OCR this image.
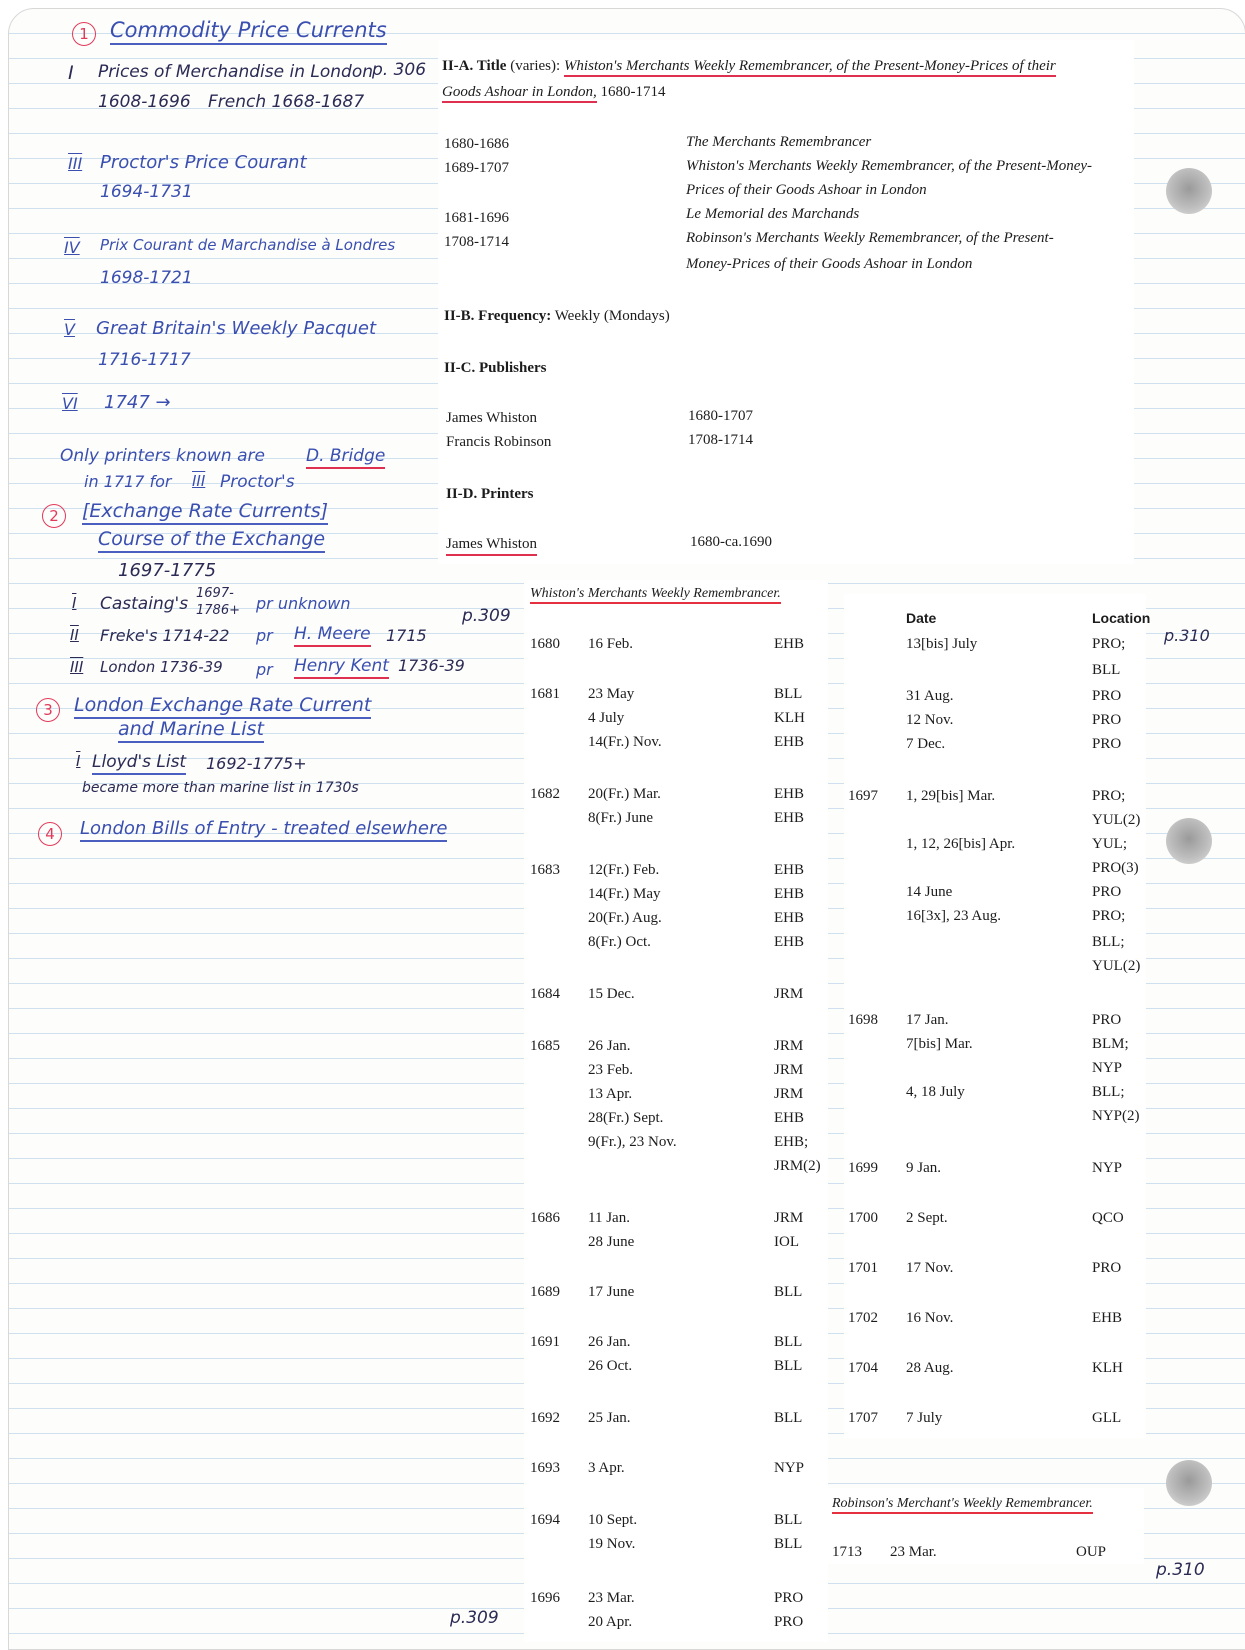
1	Commodity Price Currents
I Prices of Merchandise in London p. 306
1608-1696 French 1668-1687
III Proctor's Price Courant
1694-1731
IV Prix Courant de Marchandise à Londres
1698-1721
V Great Britain's Weekly Pacquet
1716-1717
VI 1747 →
Only printers known are D. Bridge
in 1717 for III Proctor's
2	[Exchange Rate Currents]
Course of the Exchange
1697-1775
I Castaing's
1697-
1786+ pr unknown
p.309
II Freke's 1714-22 pr H. Meere 1715
III London 1736-39 pr Henry Kent 1736-39
3	London Exchange Rate Current
and Marine List
I Lloyd's List 1692-1775+
became more than marine list in 1730s
4	London Bills of Entry - treated elsewhere
p.309
p.310
p.310
II-A. Title (varies): Whiston's Merchants Weekly Remembrancer, of the Present-Money-Prices of their
Goods Ashoar in London, 1680-1714
1680-1686	The Merchants Remembrancer
1689-1707	Whiston's Merchants Weekly Remembrancer, of the Present-Money-
Prices of their Goods Ashoar in London
1681-1696	Le Memorial des Marchands
1708-1714	Robinson's Merchants Weekly Remembrancer, of the Present-
Money-Prices of their Goods Ashoar in London
II-B. Frequency: Weekly (Mondays)
II-C. Publishers
James Whiston	1680-1707
Francis Robinson	1708-1714
II-D. Printers
James Whiston	1680-ca.1690
Whiston's Merchants Weekly Remembrancer.
1680 16 Feb.	EHB
1681 23 May	BLL
4 July	KLH
14(Fr.) Nov.	EHB
1682 20(Fr.) Mar.	EHB
8(Fr.) June	EHB
1683 12(Fr.) Feb.	EHB
14(Fr.) May	EHB
20(Fr.) Aug.	EHB
8(Fr.) Oct.	EHB
1684 15 Dec.	JRM
1685 26 Jan.	JRM
23 Feb.	JRM
13 Apr.	JRM
28(Fr.) Sept.	EHB
9(Fr.), 23 Nov.	EHB;
JRM(2)
1686 11 Jan.	JRM
28 June	IOL
1689 17 June	BLL
1691 26 Jan.	BLL
26 Oct.	BLL
1692 25 Jan.	BLL
1693 3 Apr.	NYP
1694 10 Sept.	BLL
19 Nov.	BLL
1696 23 Mar.	PRO
20 Apr.	PRO
Date	Location
13[bis] July	PRO;
BLL
31 Aug.	PRO
12 Nov.	PRO
7 Dec.	PRO
1697 1, 29[bis] Mar.	PRO;
YUL(2)
1, 12, 26[bis] Apr.	YUL;
PRO(3)
14 June	PRO
16[3x], 23 Aug.	PRO;
BLL;
YUL(2)
1698 17 Jan.	PRO
7[bis] Mar.	BLM;
NYP
4, 18 July	BLL;
NYP(2)
1699 9 Jan.	NYP
1700 2 Sept.	QCO
1701 17 Nov.	PRO
1702 16 Nov.	EHB
1704 28 Aug.	KLH
1707 7 July	GLL
Robinson's Merchant's Weekly Remembrancer.
1713 23 Mar.	OUP
